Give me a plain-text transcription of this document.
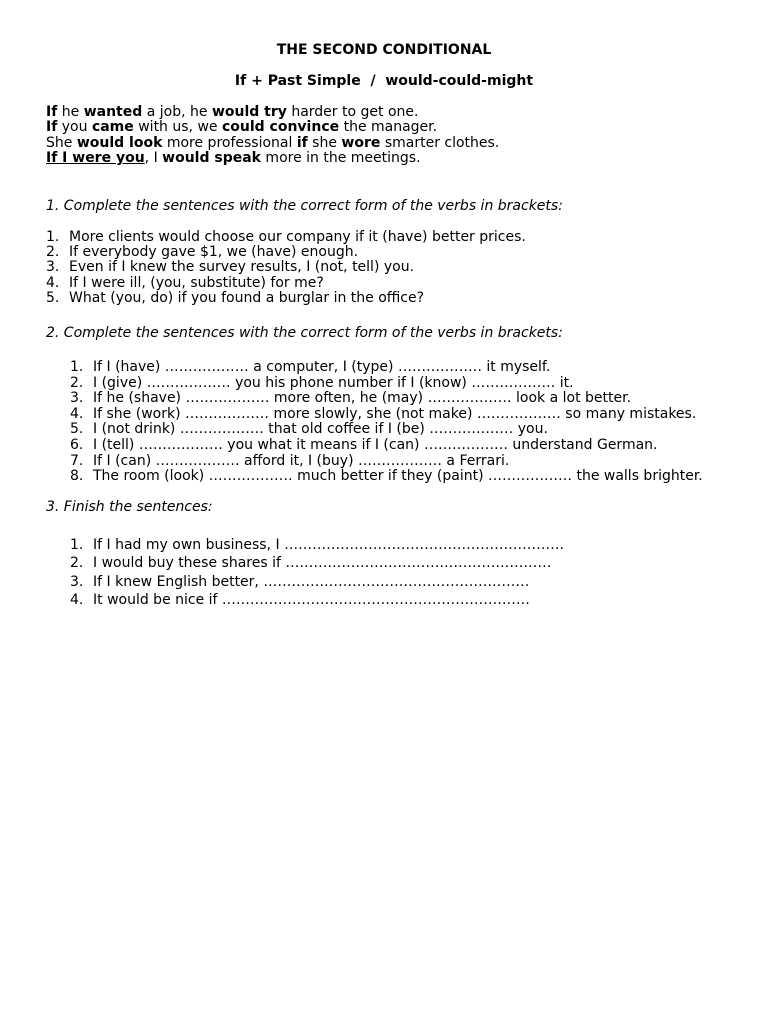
THE SECOND CONDITIONAL
If + Past Simple  /  would-could-might
If he wanted a job, he would try harder to get one.
If you came with us, we could convince the manager.
She would look more professional if she wore smarter clothes.
If I were you, I would speak more in the meetings.
1. Complete the sentences with the correct form of the verbs in brackets:
1. More clients would choose our company if it (have) better prices.
2. If everybody gave $1, we (have) enough.
3. Even if I knew the survey results, I (not, tell) you.
4. If I were ill, (you, substitute) for me?
5. What (you, do) if you found a burglar in the office?
2. Complete the sentences with the correct form of the verbs in brackets:
1. If I (have) ……………… a computer, I (type) ……………… it myself.
2. I (give) ……………… you his phone number if I (know) ……………… it.
3. If he (shave) ……………… more often, he (may) ……………… look a lot better.
4. If she (work) ……………… more slowly, she (not make) ……………… so many mistakes.
5. I (not drink) ……………… that old coffee if I (be) ……………… you.
6. I (tell) ……………… you what it means if I (can) ……………… understand German.
7. If I (can) ……………… afford it, I (buy) ……………… a Ferrari.
8. The room (look) ……………… much better if they (paint) ……………… the walls brighter.
3. Finish the sentences:
1. If I had my own business, I ……………………………………………………
2. I would buy these shares if …………………………………………………
3. If I knew English better, …………………………………………………
4. It would be nice if …………………………………………………………
